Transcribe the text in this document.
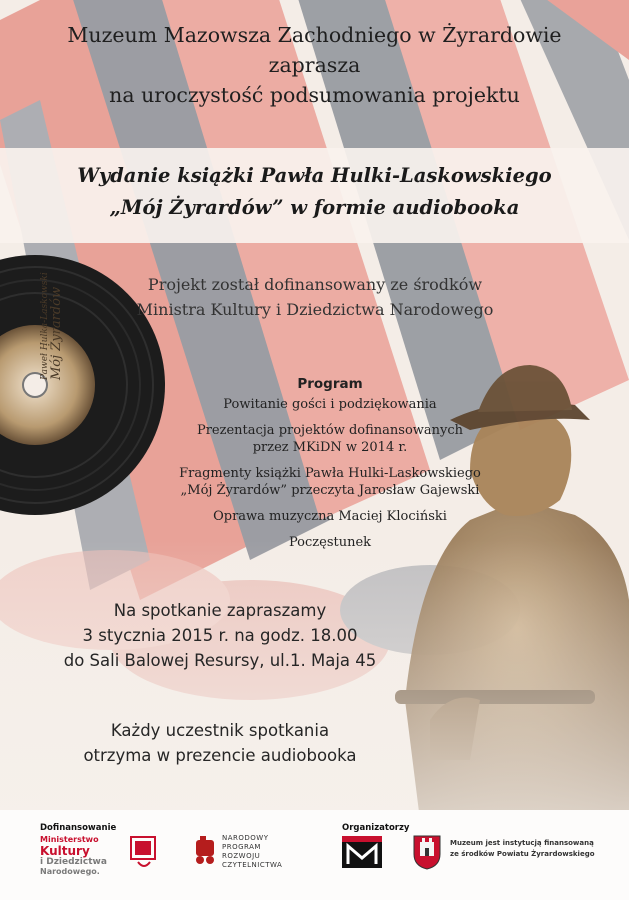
Paweł Hulka-Laskowski Mój Żyrardów
Muzeum Mazowsza Zachodniego w Żyrardowie
zaprasza
na uroczystość podsumowania projektu
Wydanie książki Pawła Hulki-Laskowskiego
„Mój Żyrardów” w formie audiobooka
Projekt został dofinansowany ze środków
Ministra Kultury i Dziedzictwa Narodowego
Program
Powitanie gości i podziękowania
Prezentacja projektów dofinansowanych
przez MKiDN w 2014 r.
Fragmenty książki Pawła Hulki-Laskowskiego
„Mój Żyrardów” przeczyta Jarosław Gajewski
Oprawa muzyczna Maciej Klociński
Poczęstunek
Na spotkanie zapraszamy
3 stycznia 2015 r. na godz. 18.00
do Sali Balowej Resursy, ul.1. Maja 45
Każdy uczestnik spotkania
otrzyma w prezencie audiobooka
Dofinansowanie
Ministerstwo
Kultury
i Dziedzictwa
Narodowego.
NARODOWY
PROGRAM
ROZWOJU
CZYTELNICTWA
Organizatorzy
Muzeum jest instytucją finansowaną
ze środków Powiatu Żyrardowskiego
